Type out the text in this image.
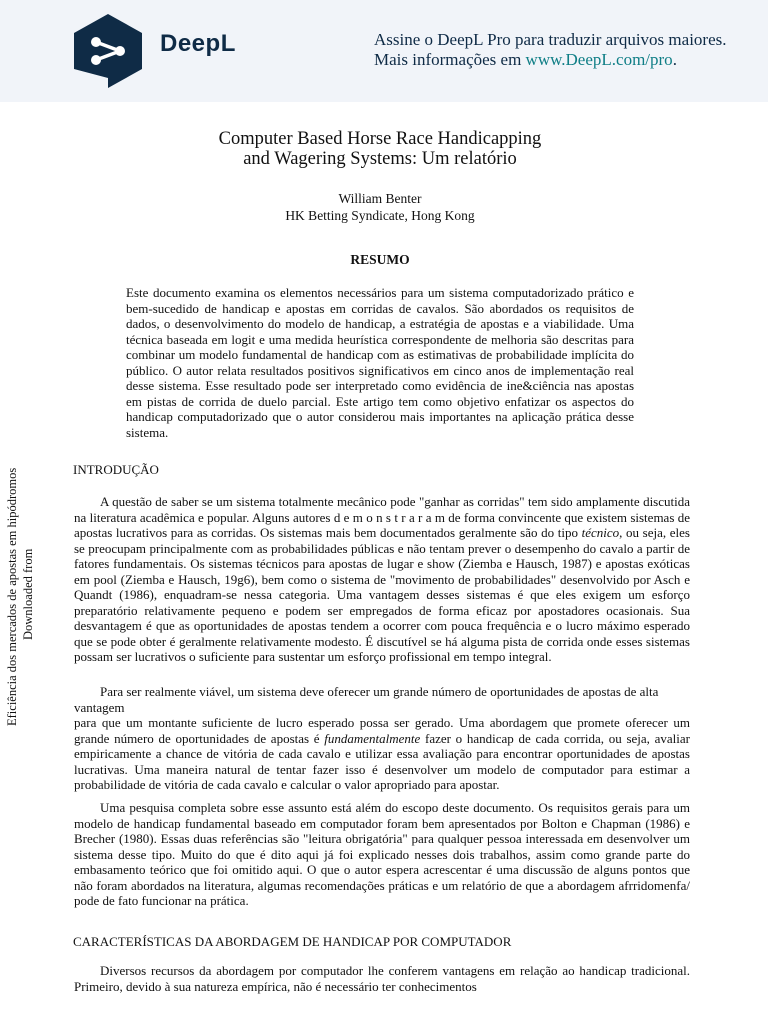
DeepL	Assine o DeepL Pro para traduzir arquivos maiores.
Mais informações em www.DeepL.com/pro.
Computer Based Horse Race Handicapping
and Wagering Systems: Um relatório
William Benter
HK Betting Syndicate, Hong Kong
RESUMO

Este documento examina os elementos necessários para um sistema computadorizado prático e bem-sucedido de handicap e apostas em corridas de cavalos. São abordados os requisitos de dados, o desenvolvimento do modelo de handicap, a estratégia de apostas e a viabilidade. Uma técnica baseada em logit e uma medida heurística correspondente de melhoria são descritas para combinar um modelo fundamental de handicap com as estimativas de probabilidade implícita do público. O autor relata resultados positivos significativos em cinco anos de implementação real desse sistema. Esse resultado pode ser interpretado como evidência de ine&ciência nas apostas em pistas de corrida de duelo parcial. Este artigo tem como objetivo enfatizar os aspectos do handicap computadorizado que o autor considerou mais importantes na aplicação prática desse sistema.

INTRODUÇÃO

A questão de saber se um sistema totalmente mecânico pode "ganhar as corridas" tem sido amplamente discutida na literatura acadêmica e popular. Alguns autores d e m o n s t r a r a m de forma convincente que existem sistemas de apostas lucrativos para as corridas. Os sistemas mais bem documentados geralmente são do tipo técnico, ou seja, eles se preocupam principalmente com as probabilidades públicas e não tentam prever o desempenho do cavalo a partir de fatores fundamentais. Os sistemas técnicos para apostas de lugar e show (Ziemba e Hausch, 1987) e apostas exóticas em pool (Ziemba e Hausch, 19g6), bem como o sistema de "movimento de probabilidades" desenvolvido por Asch e Quandt (1986), enquadram-se nessa categoria. Uma vantagem desses sistemas é que eles exigem um esforço preparatório relativamente pequeno e podem ser empregados de forma eficaz por apostadores ocasionais. Sua desvantagem é que as oportunidades de apostas tendem a ocorrer com pouca frequência e o lucro máximo esperado que se pode obter é geralmente relativamente modesto. É discutível se há alguma pista de corrida onde esses sistemas possam ser lucrativos o suficiente para sustentar um esforço profissional em tempo integral.

Para ser realmente viável, um sistema deve oferecer um grande número de oportunidades de apostas de alta vantagem

para que um montante suficiente de lucro esperado possa ser gerado. Uma abordagem que promete oferecer um grande número de oportunidades de apostas é fundamentalmente fazer o handicap de cada corrida, ou seja, avaliar empiricamente a chance de vitória de cada cavalo e utilizar essa avaliação para encontrar oportunidades de apostas lucrativas. Uma maneira natural de tentar fazer isso é desenvolver um modelo de computador para estimar a probabilidade de vitória de cada cavalo e calcular o valor apropriado para apostar.

Uma pesquisa completa sobre esse assunto está além do escopo deste documento. Os requisitos gerais para um modelo de handicap fundamental baseado em computador foram bem apresentados por Bolton e Chapman (1986) e Brecher (1980). Essas duas referências são "leitura obrigatória" para qualquer pessoa interessada em desenvolver um sistema desse tipo. Muito do que é dito aqui já foi explicado nesses dois trabalhos, assim como grande parte do embasamento teórico que foi omitido aqui. O que o autor espera acrescentar é uma discussão de alguns pontos que não foram abordados na literatura, algumas recomendações práticas e um relatório de que a abordagem afrridomenfa/ pode de fato funcionar na prática.

CARACTERÍSTICAS DA ABORDAGEM DE HANDICAP POR COMPUTADOR

Diversos recursos da abordagem por computador lhe conferem vantagens em relação ao handicap tradicional. Primeiro, devido à sua natureza empírica, não é necessário ter conhecimentos

Eficiência dos mercados de apostas em hipódromos Downloaded from
